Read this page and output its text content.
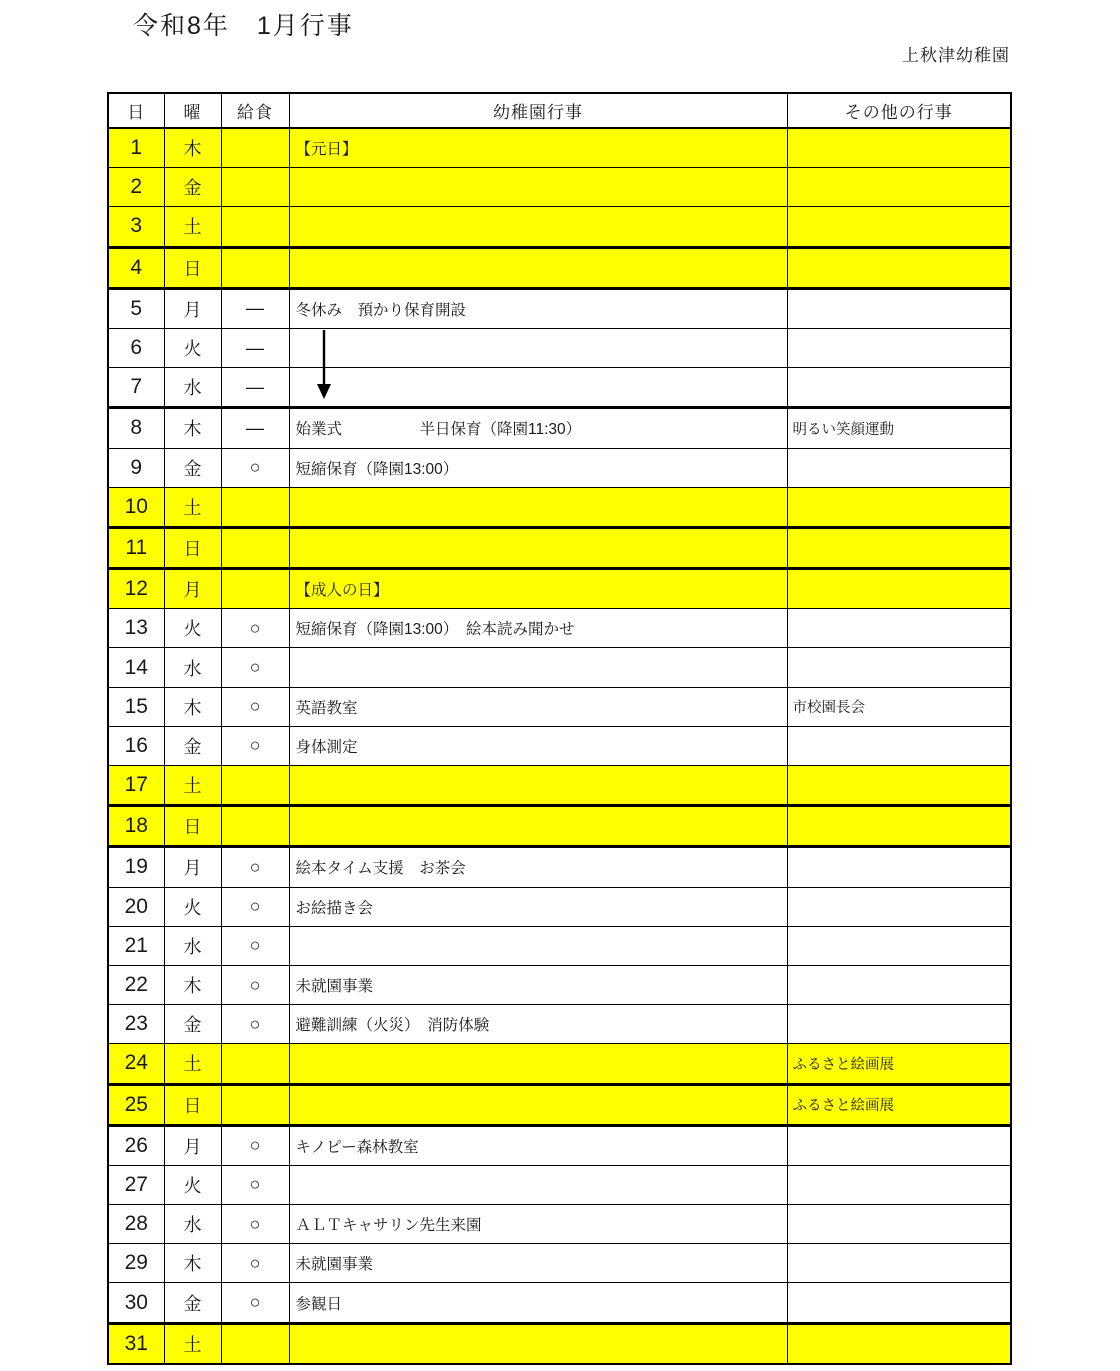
令和8年　1月行事
上秋津幼稚園
日	曜	給食	幼稚園行事	その他の行事
1	木		【元日】	
2	金			
3	土			
4	日			
5	月	―	冬休み　預かり保育開設	
6	火	―		
7	水	―		
8	木	―	始業式　　　　　半日保育（降園11:30）	明るい笑顔運動
9	金	○	短縮保育（降園13:00）	
10	土			
11	日			
12	月		【成人の日】	
13	火	○	短縮保育（降園13:00）　絵本読み聞かせ	
14	水	○		
15	木	○	英語教室	市校園長会
16	金	○	身体測定	
17	土			
18	日			
19	月	○	絵本タイム支援　お茶会	
20	火	○	お絵描き会	
21	水	○		
22	木	○	未就園事業	
23	金	○	避難訓練（火災）　消防体験	
24	土			ふるさと絵画展
25	日			ふるさと絵画展
26	月	○	キノピー森林教室	
27	火	○		
28	水	○	ＡＬＴキャサリン先生来園	
29	木	○	未就園事業	
30	金	○	参観日	
31	土			
